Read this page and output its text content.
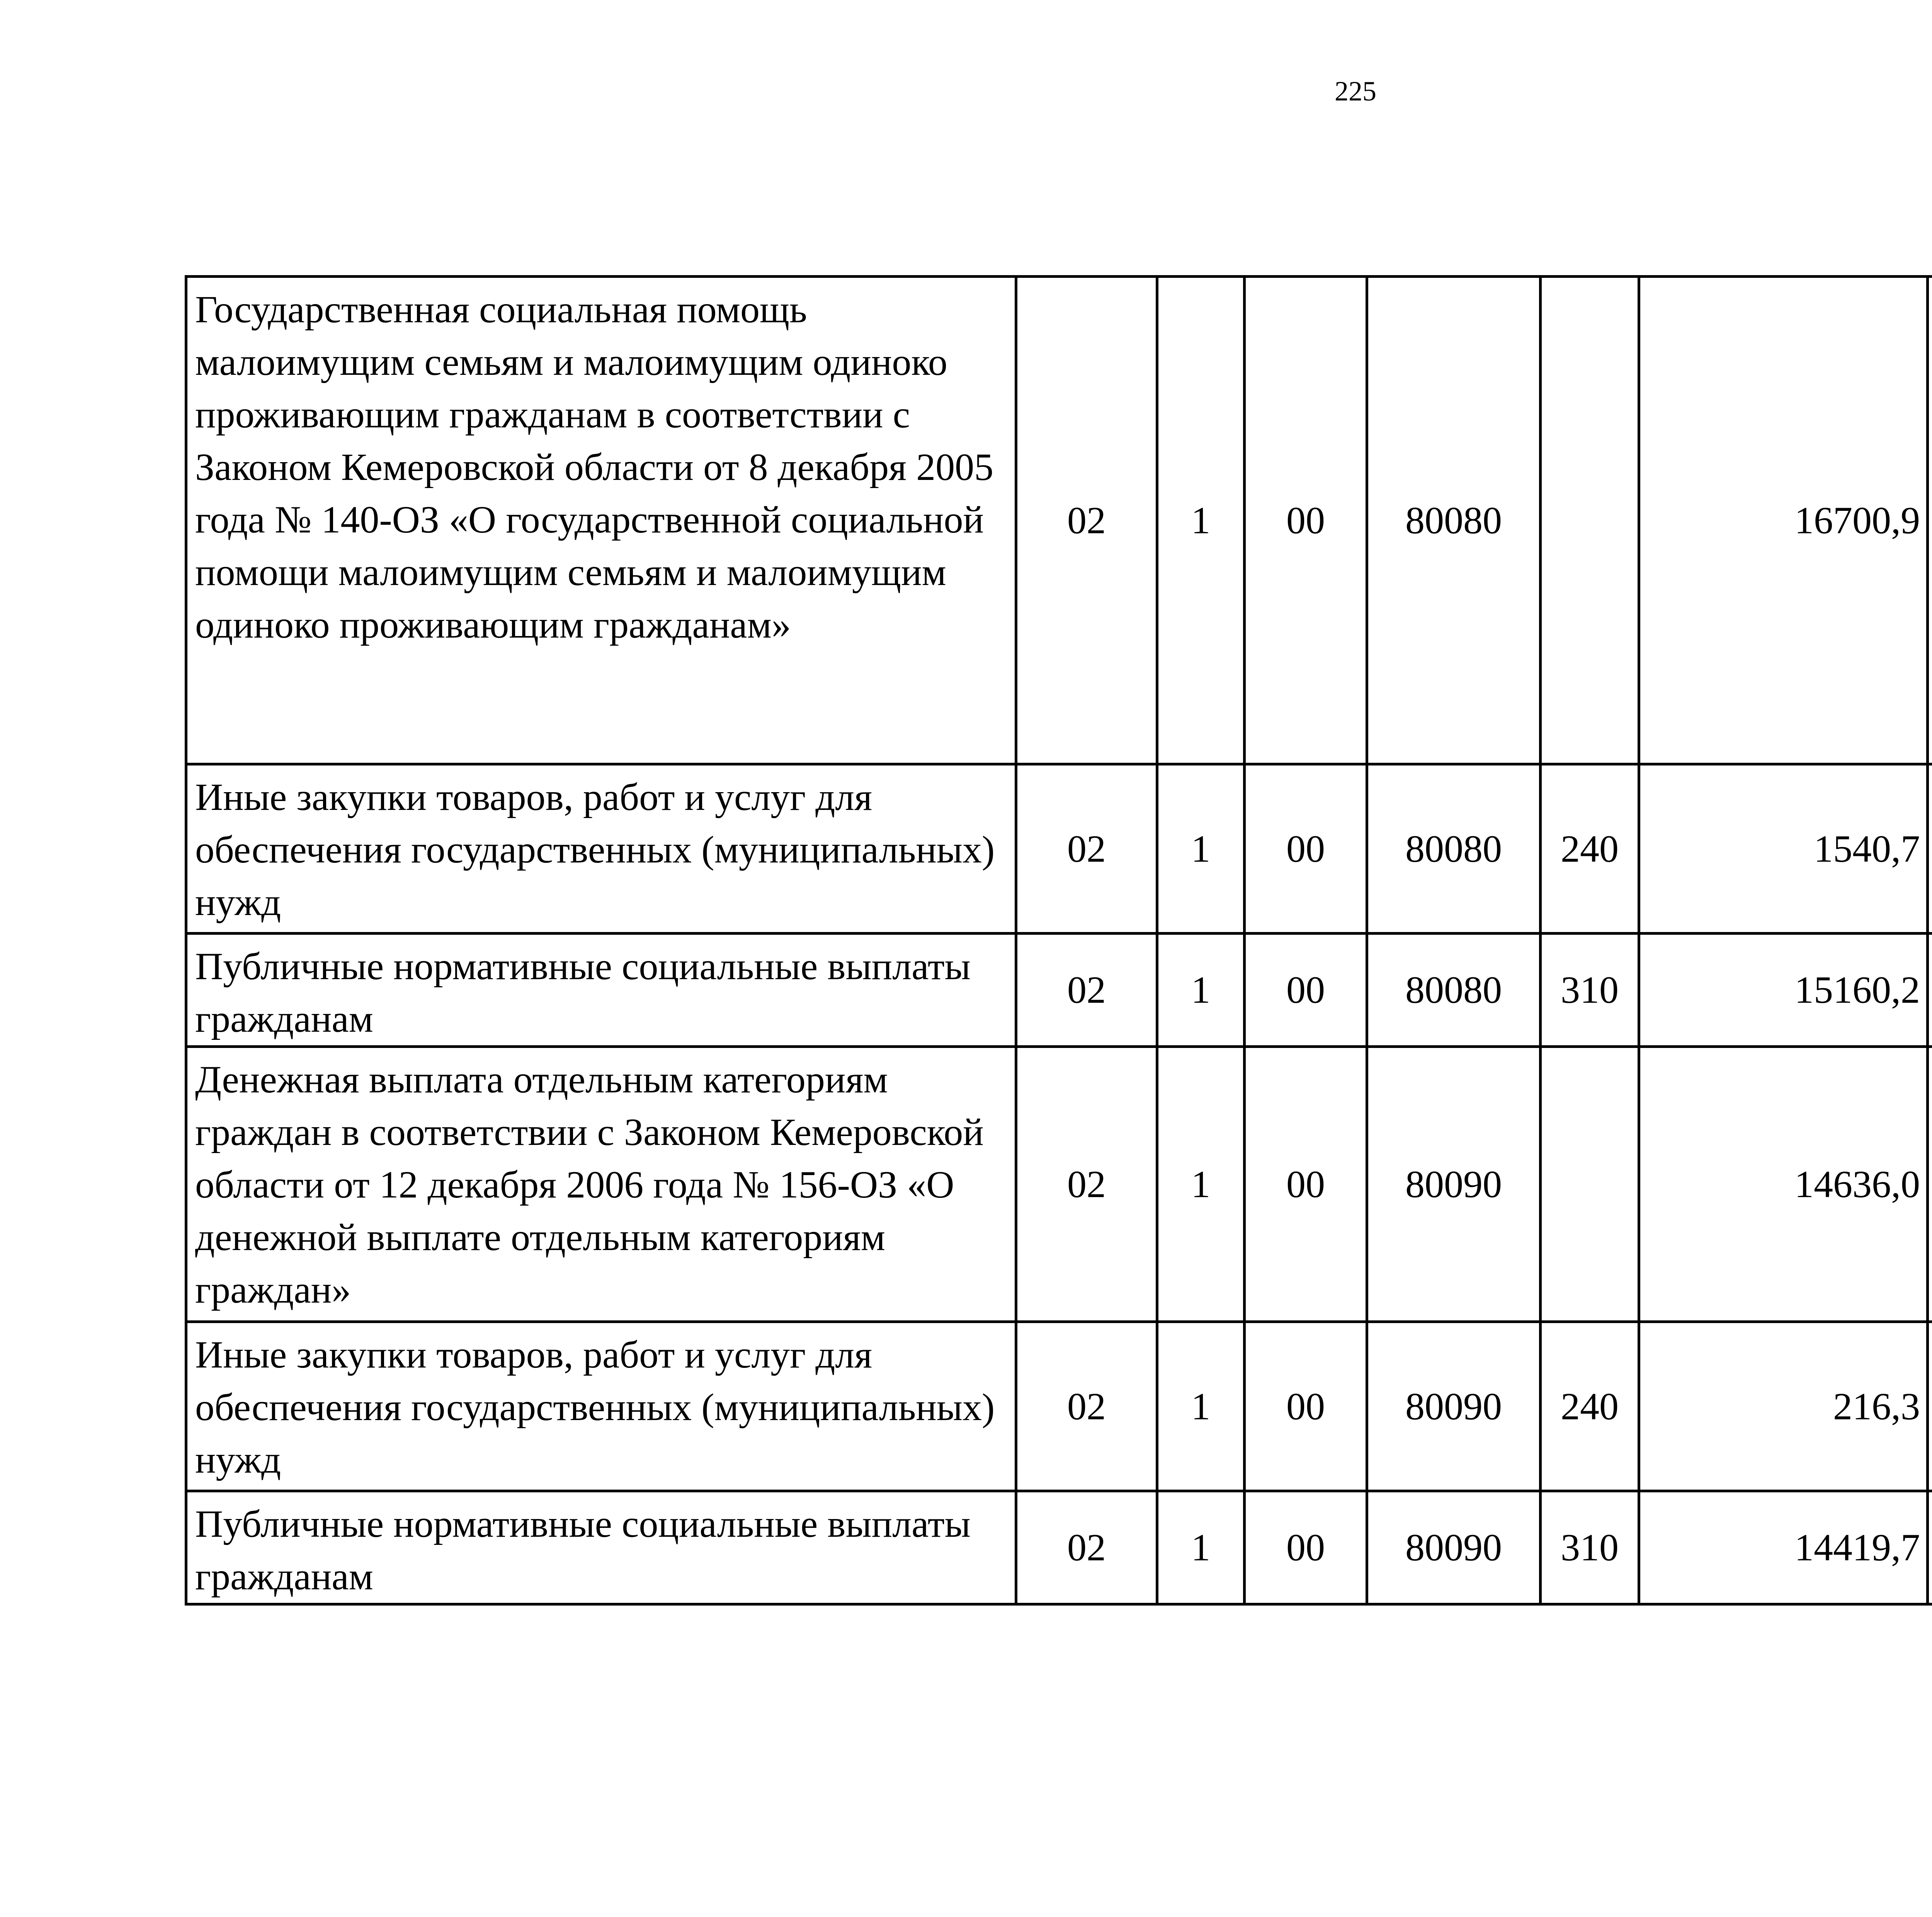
225
Государственная социальная помощь малоимущим семьям и малоимущим одиноко проживающим гражданам в соответствии с Законом Кемеровской области от 8 декабря 2005 года № 140-ОЗ «О государственной социальной помощи малоимущим семьям и малоимущим одиноко проживающим гражданам»	02	1	00	80080		16700,9		
Иные закупки товаров, работ и услуг для обеспечения государственных (муниципальных) нужд	02	1	00	80080	240	1540,7		
Публичные нормативные социальные выплаты гражданам	02	1	00	80080	310	15160,2		
Денежная выплата отдельным категориям граждан в соответствии с Законом Кемеровской области от 12 декабря 2006 года № 156-ОЗ «О денежной выплате отдельным категориям граждан»	02	1	00	80090		14636,0		
Иные закупки товаров, работ и услуг для обеспечения государственных (муниципальных) нужд	02	1	00	80090	240	216,3		
Публичные нормативные социальные выплаты гражданам	02	1	00	80090	310	14419,7		
